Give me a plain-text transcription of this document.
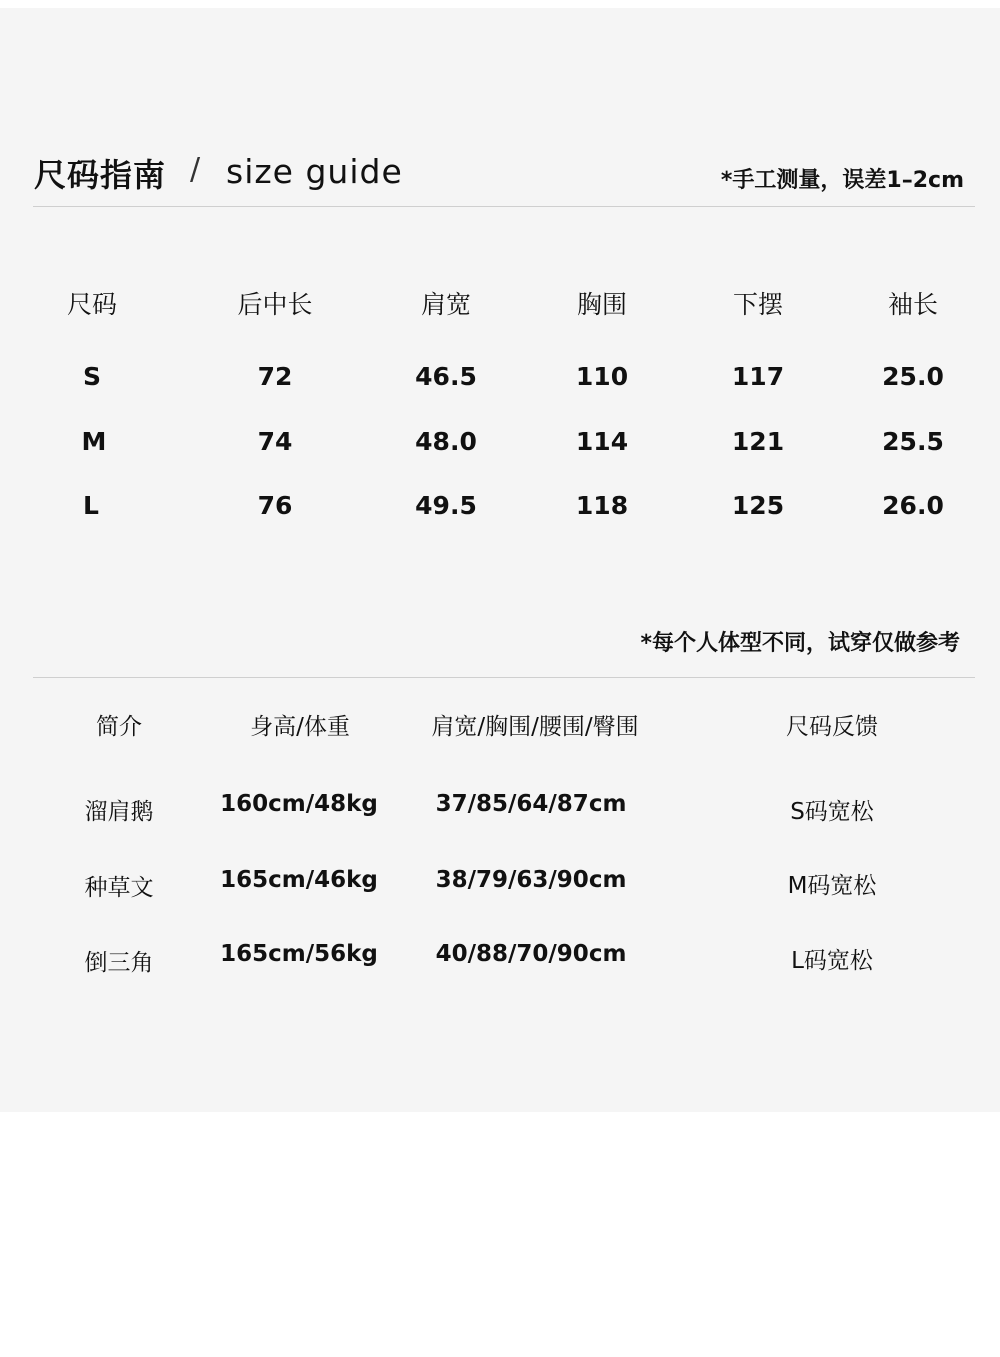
尺码指南 / size guide	*手工测量，误差1–2cm
尺码	后中长	肩宽	胸围	下摆	袖长
S	72	46.5	110	117	25.0
M	74	48.0	114	121	25.5
L	76	49.5	118	125	26.0
*每个人体型不同，试穿仅做参考
简介	身高/体重	肩宽/胸围/腰围/臀围	尺码反馈
溜肩鹅	160cm/48kg	37/85/64/87cm	S码宽松
种草文	165cm/46kg	38/79/63/90cm	M码宽松
倒三角	165cm/56kg	40/88/70/90cm	L码宽松
